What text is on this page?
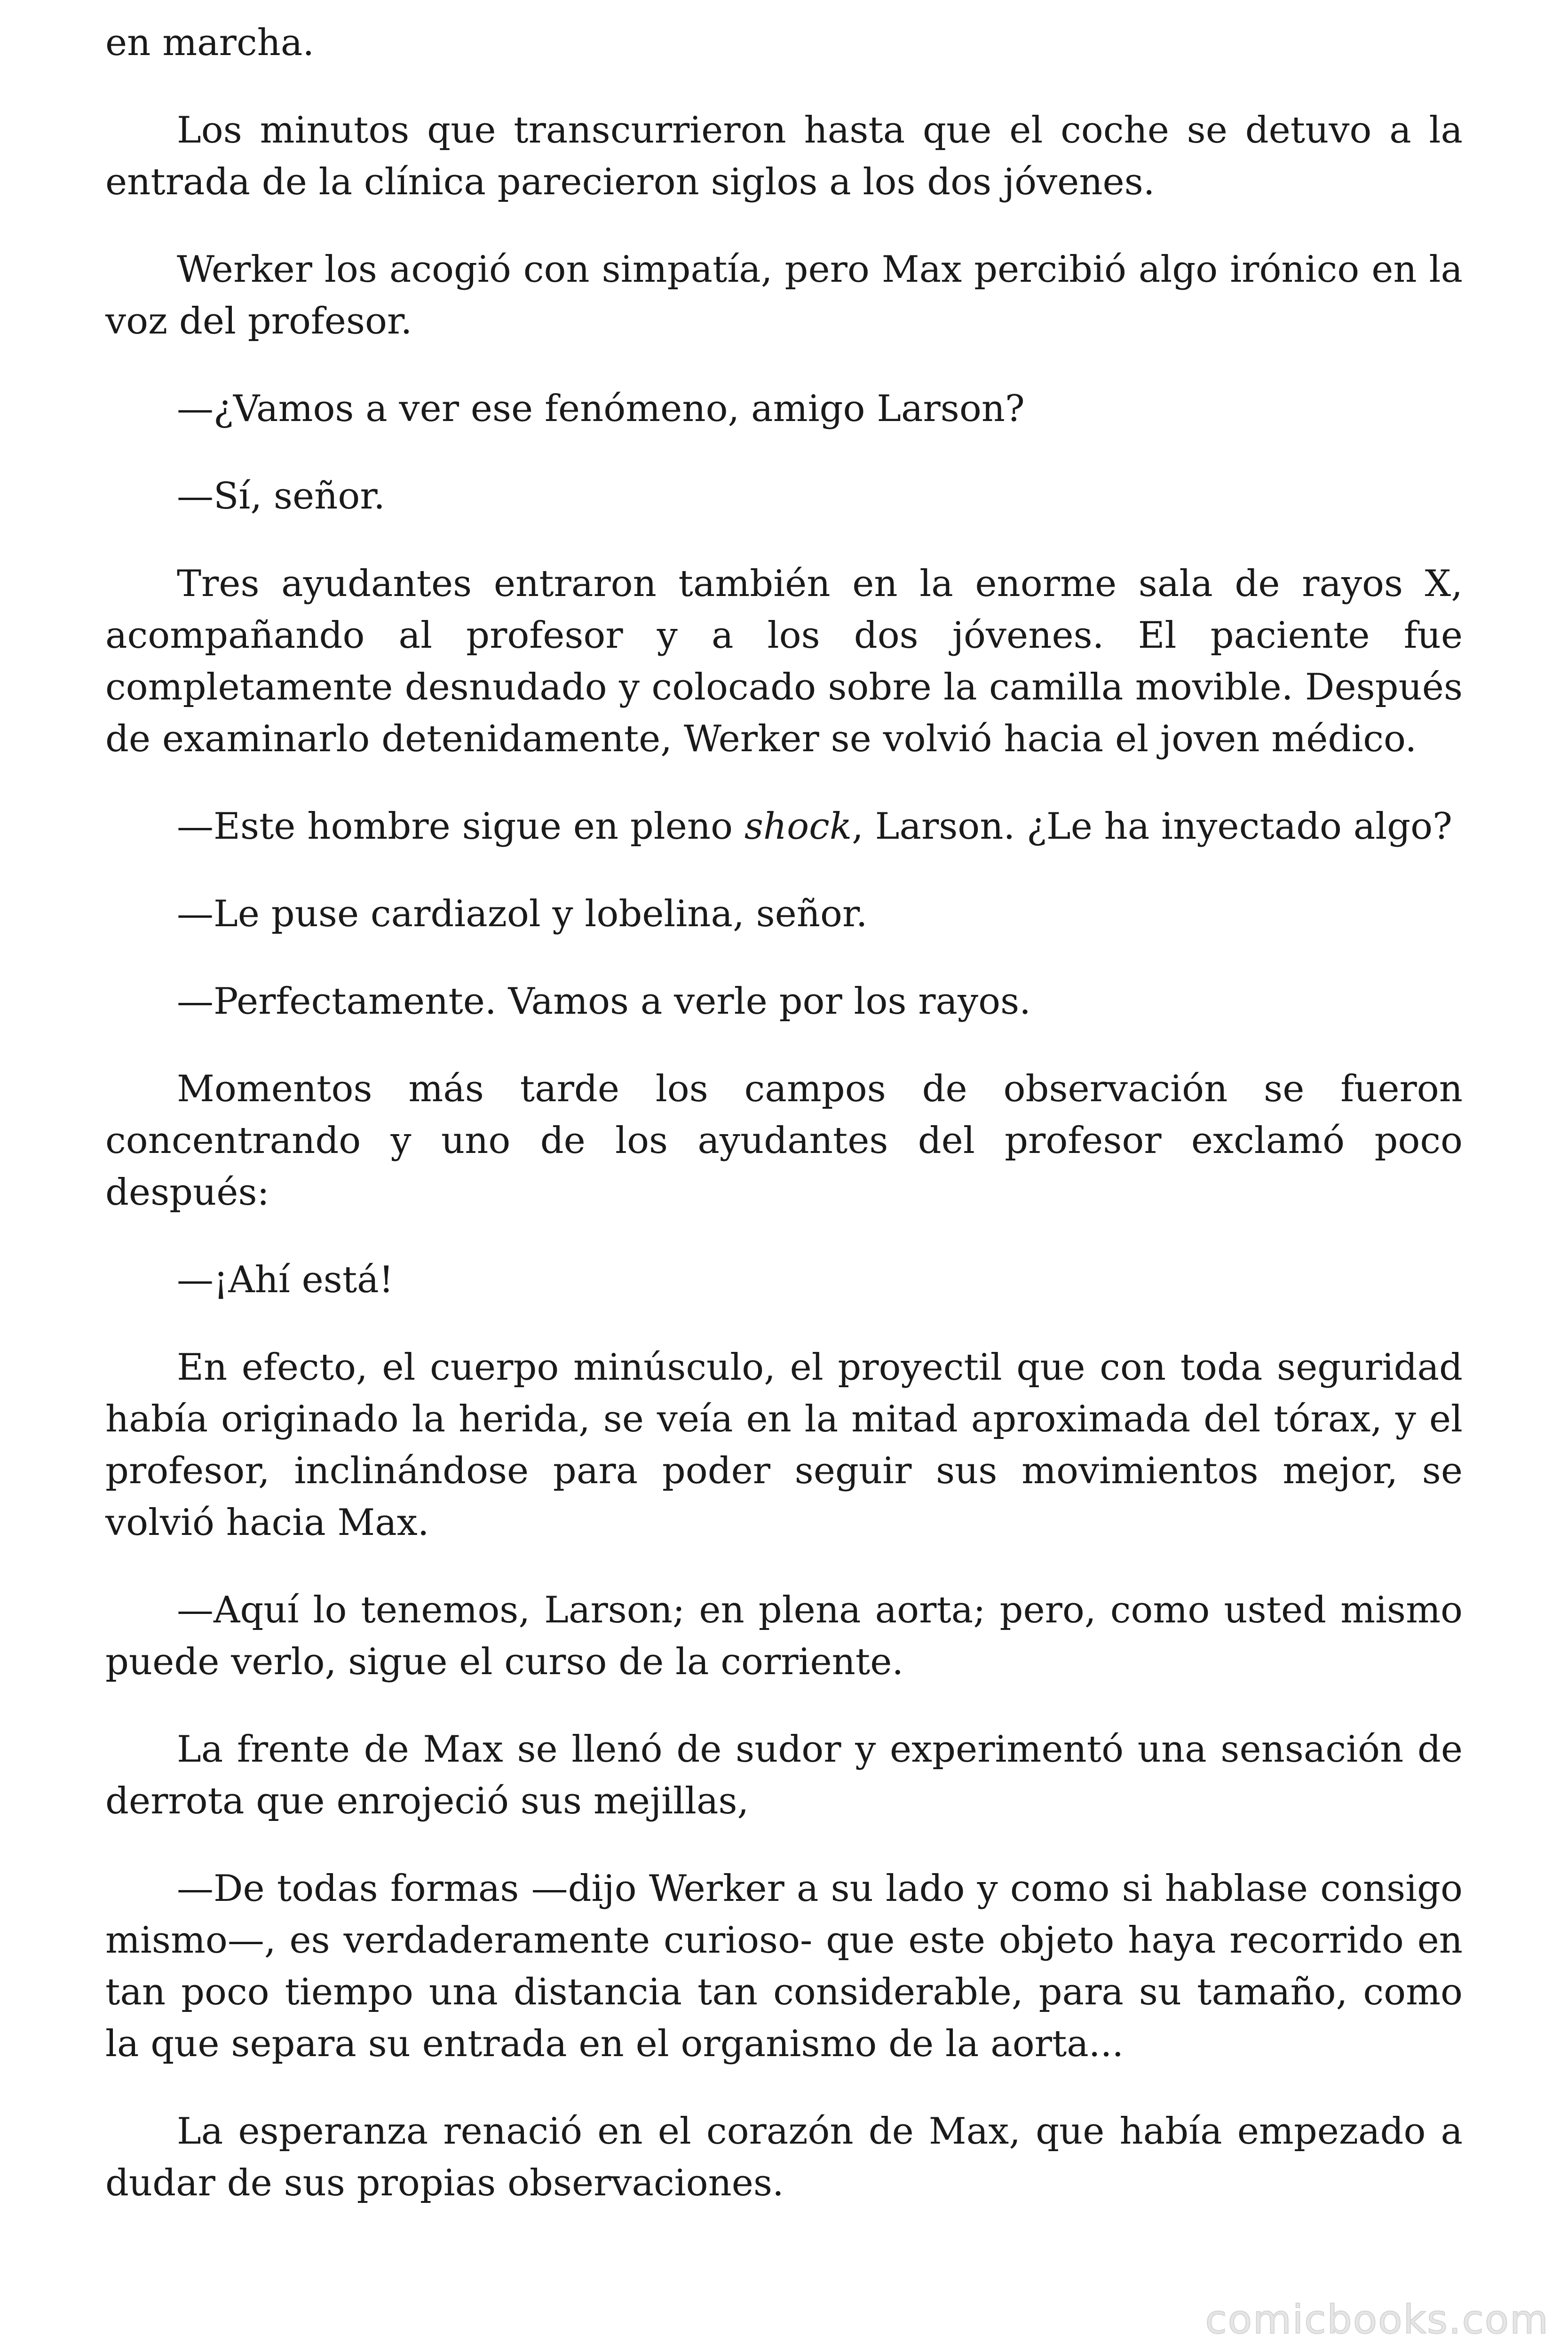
en marcha.

Los minutos que transcurrieron hasta que el coche se detuvo a la entrada de la clínica parecieron siglos a los dos jóvenes.

Werker los acogió con simpatía, pero Max percibió algo irónico en la voz del profesor.

—¿Vamos a ver ese fenómeno, amigo Larson?

—Sí, señor.

Tres ayudantes entraron también en la enorme sala de rayos X, acompañando al profesor y a los dos jóvenes. El paciente fue completamente desnudado y colocado sobre la camilla movible. Después de examinarlo detenidamente, Werker se volvió hacia el joven médico.

—Este hombre sigue en pleno shock, Larson. ¿Le ha inyectado algo?

—Le puse cardiazol y lobelina, señor.

—Perfectamente. Vamos a verle por los rayos.

Momentos más tarde los campos de observación se fueron concentrando y uno de los ayudantes del profesor exclamó poco después:

—¡Ahí está!

En efecto, el cuerpo minúsculo, el proyectil que con toda seguridad había originado la herida, se veía en la mitad aproximada del tórax, y el profesor, inclinándose para poder seguir sus movimientos mejor, se volvió hacia Max.

—Aquí lo tenemos, Larson; en plena aorta; pero, como usted mismo puede verlo, sigue el curso de la corriente.

La frente de Max se llenó de sudor y experimentó una sensación de derrota que enrojeció sus mejillas,

—De todas formas —dijo Werker a su lado y como si hablase consigo mismo—, es verdaderamente curioso- que este objeto haya recorrido en tan poco tiempo una distancia tan considerable, para su tamaño, como la que separa su entrada en el organismo de la aorta...

La esperanza renació en el corazón de Max, que había empezado a dudar de sus propias observaciones.

comicbooks.com
